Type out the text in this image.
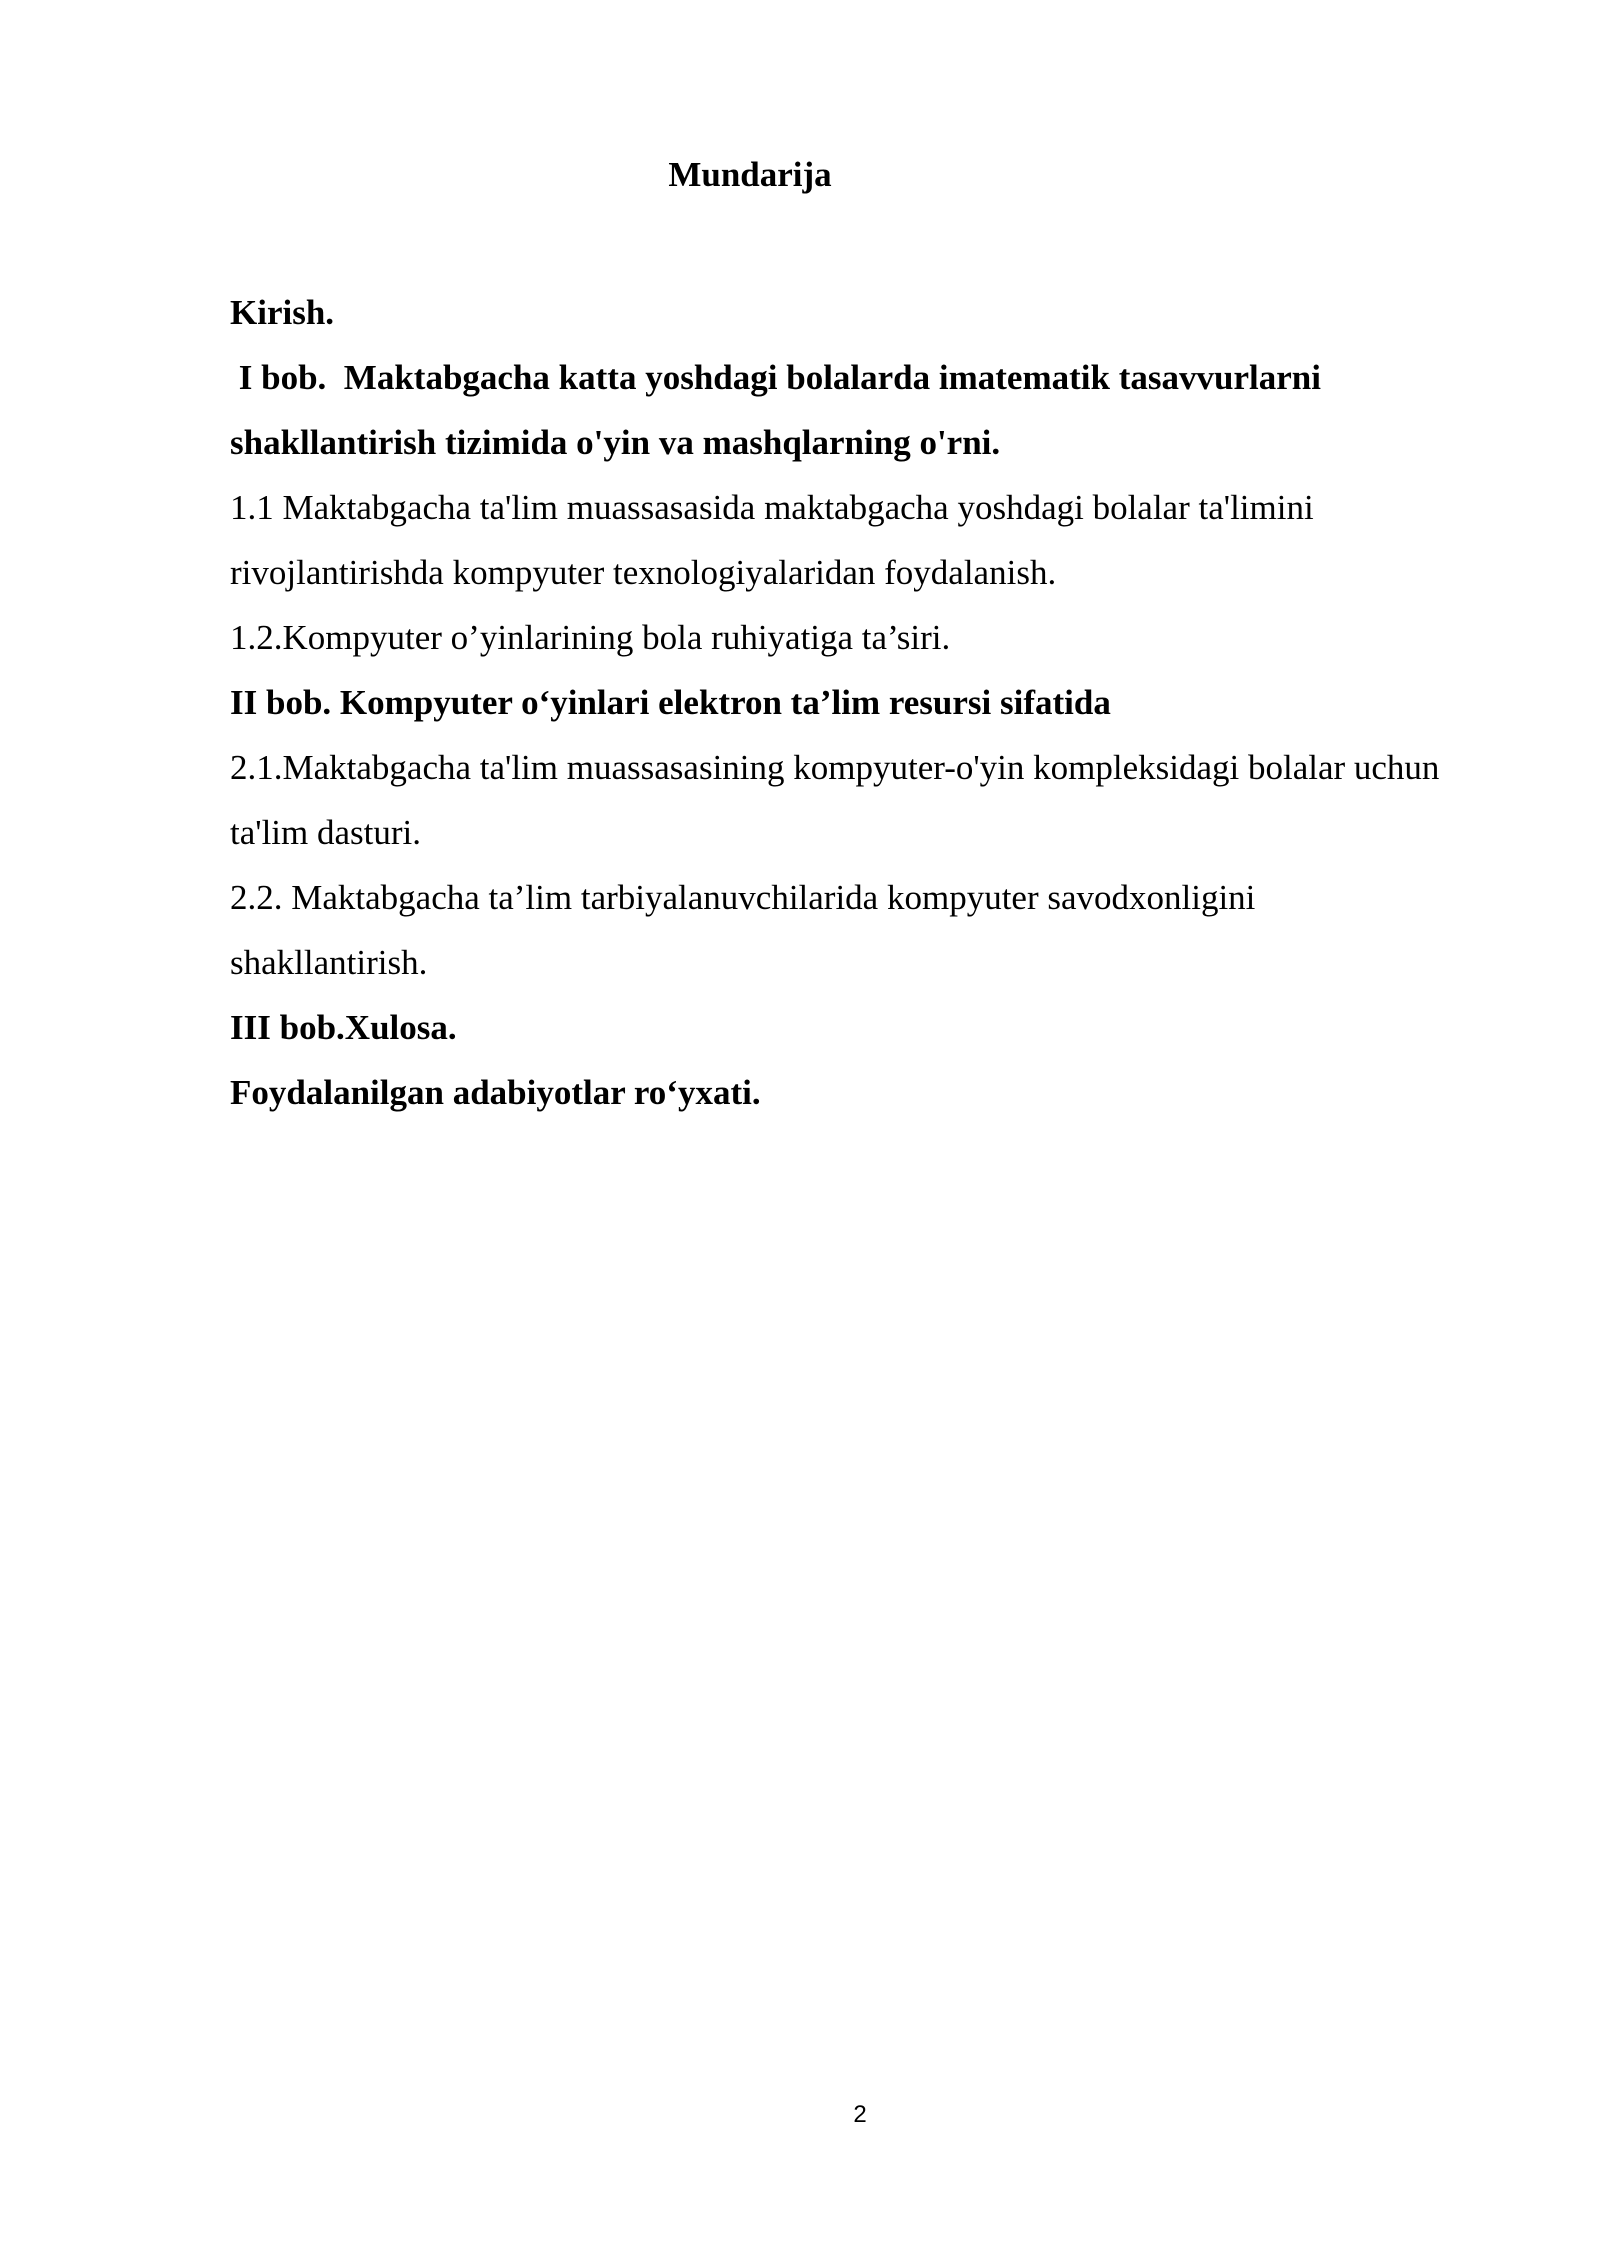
Mundarija

Kirish.

I bob.  Maktabgacha katta yoshdagi bolalarda imatematik tasavvurlarni shakllantirish tizimida o'yin va mashqlarning o'rni.

1.1 Maktabgacha ta'lim muassasasida maktabgacha yoshdagi bolalar ta'limini rivojlantirishda kompyuter texnologiyalaridan foydalanish.

1.2.Kompyuter o’yinlarining bola ruhiyatiga ta’siri.

II bob. Kompyuter o‘yinlari elektron ta’lim resursi sifatida

2.1.Maktabgacha ta'lim muassasasining kompyuter-o'yin kompleksidagi bolalar uchun ta'lim dasturi.

2.2. Maktabgacha ta’lim tarbiyalanuvchilarida kompyuter savodxonligini shakllantirish.

III bob.Xulosa.

Foydalanilgan adabiyotlar ro‘yxati.

2
